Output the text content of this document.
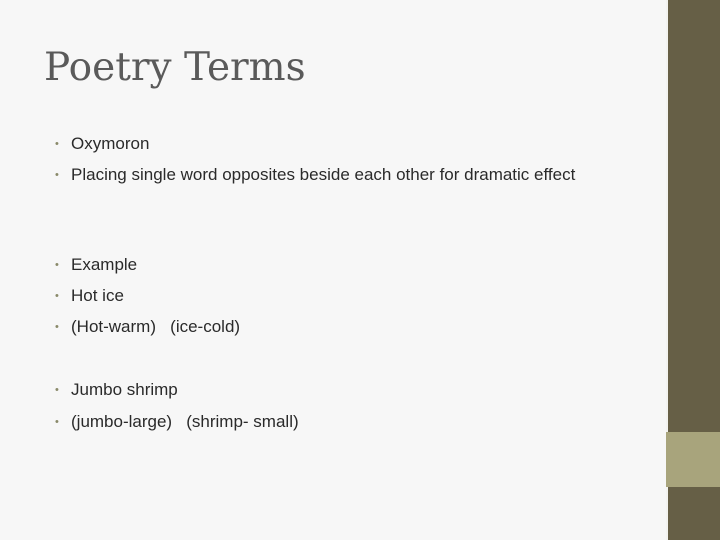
Poetry Terms
• Oxymoron
• Placing single word opposites beside each other for dramatic effect
• Example
• Hot ice
• (Hot-warm)   (ice-cold)
• Jumbo shrimp
• (jumbo-large)   (shrimp- small)
